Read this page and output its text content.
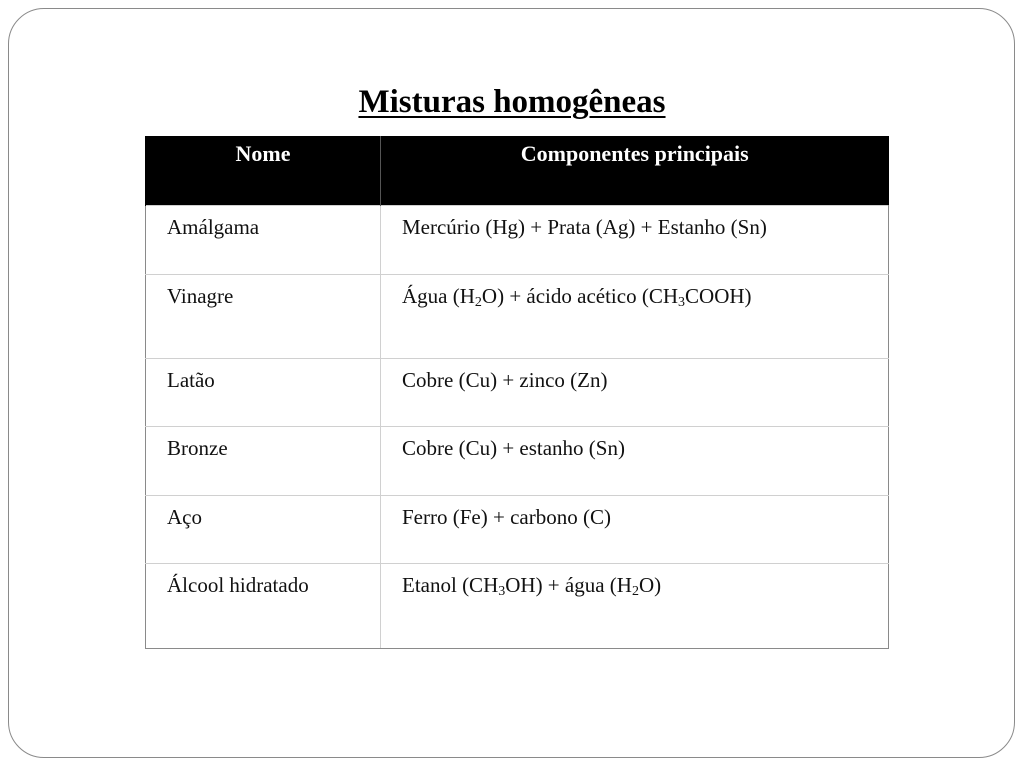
Misturas homogêneas
Nome	Componentes principais
Amálgama	Mercúrio (Hg) + Prata (Ag) + Estanho (Sn)
Vinagre	Água $(H_2O)$ + ácido acético $(CH_3COOH)$
Latão	Cobre (Cu) + zinco (Zn)
Bronze	Cobre (Cu) + estanho (Sn)
Aço	Ferro (Fe) + carbono (C)
Álcool hidratado	Etanol $(CH_3OH)$ + água $(H_2O)$
